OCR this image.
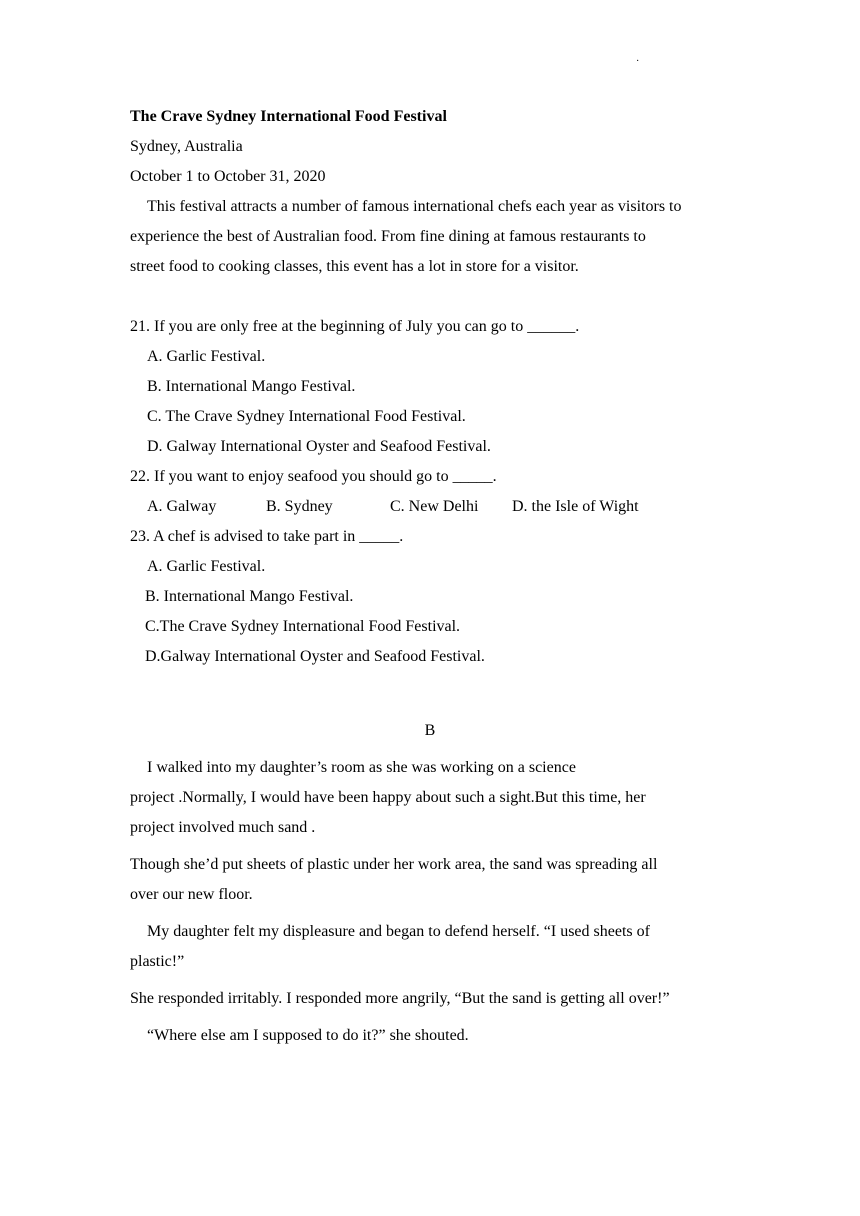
·
The Crave Sydney International Food Festival
Sydney, Australia
October 1 to October 31, 2020
This festival attracts a number of famous international chefs each year as visitors to
experience the best of Australian food. From fine dining at famous restaurants to
street food to cooking classes, this event has a lot in store for a visitor.
21. If you are only free at the beginning of July you can go to ______.
A. Garlic Festival.
B. International Mango Festival.
C. The Crave Sydney International Food Festival.
D. Galway International Oyster and Seafood Festival.
22. If you want to enjoy seafood you should go to _____.
A. Galway	B. Sydney	C. New Delhi	D. the Isle of Wight
23. A chef is advised to take part in _____.
A. Garlic Festival.
B. International Mango Festival.
C.The Crave Sydney International Food Festival.
D.Galway International Oyster and Seafood Festival.
B
I walked into my daughter’s room as she was working on a science
project .Normally, I would have been happy about such a sight.But this time, her
project involved much sand .
Though she’d put sheets of plastic under her work area, the sand was spreading all
over our new floor.
My daughter felt my displeasure and began to defend herself. “I used sheets of
plastic!”
She responded irritably. I responded more angrily, “But the sand is getting all over!”
“Where else am I supposed to do it?” she shouted.
